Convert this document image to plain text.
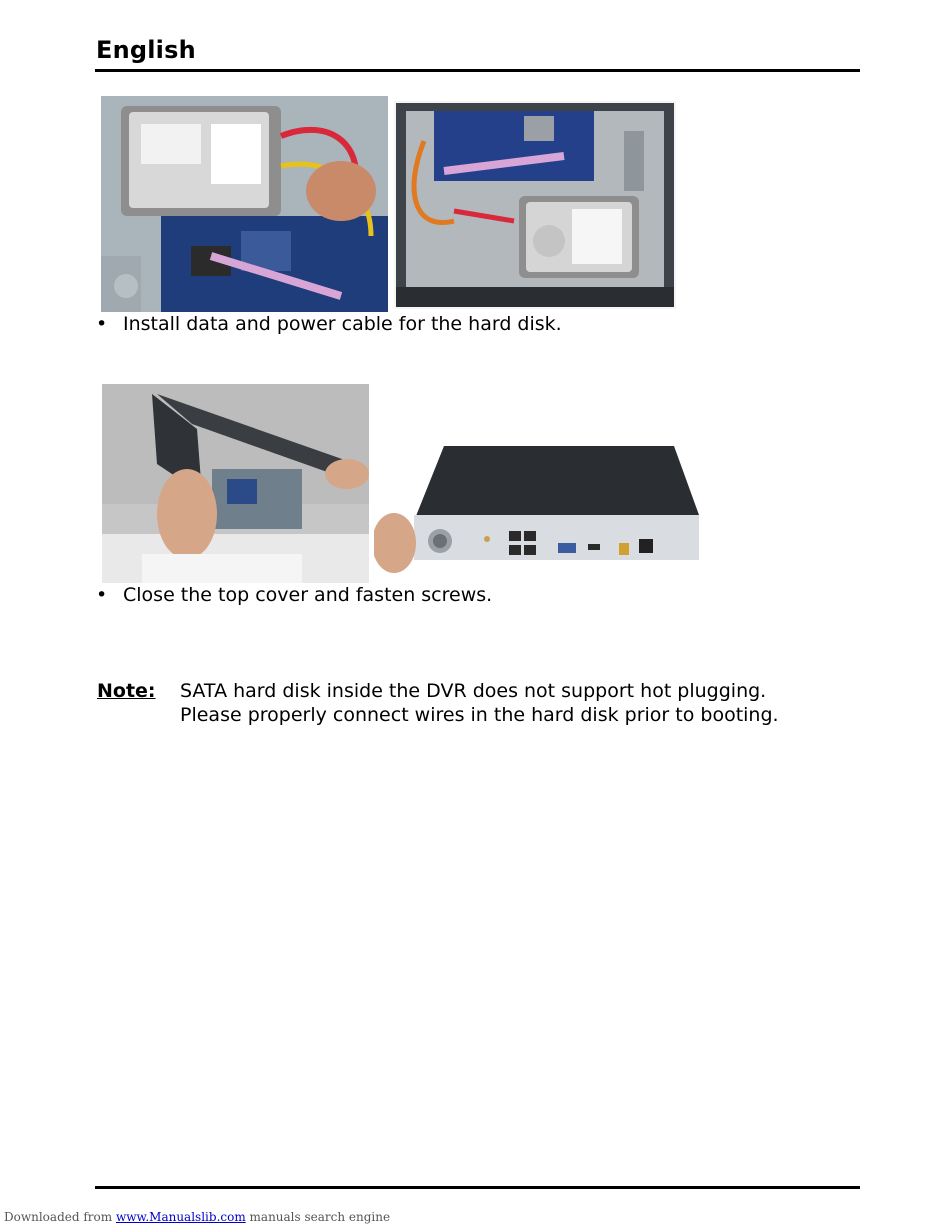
English
• Install data and power cable for the hard disk.
• Close the top cover and fasten screws.
Note: SATA hard disk inside the DVR does not support hot plugging. Please properly connect wires in the hard disk prior to booting.
Downloaded from www.Manualslib.com manuals search engine
